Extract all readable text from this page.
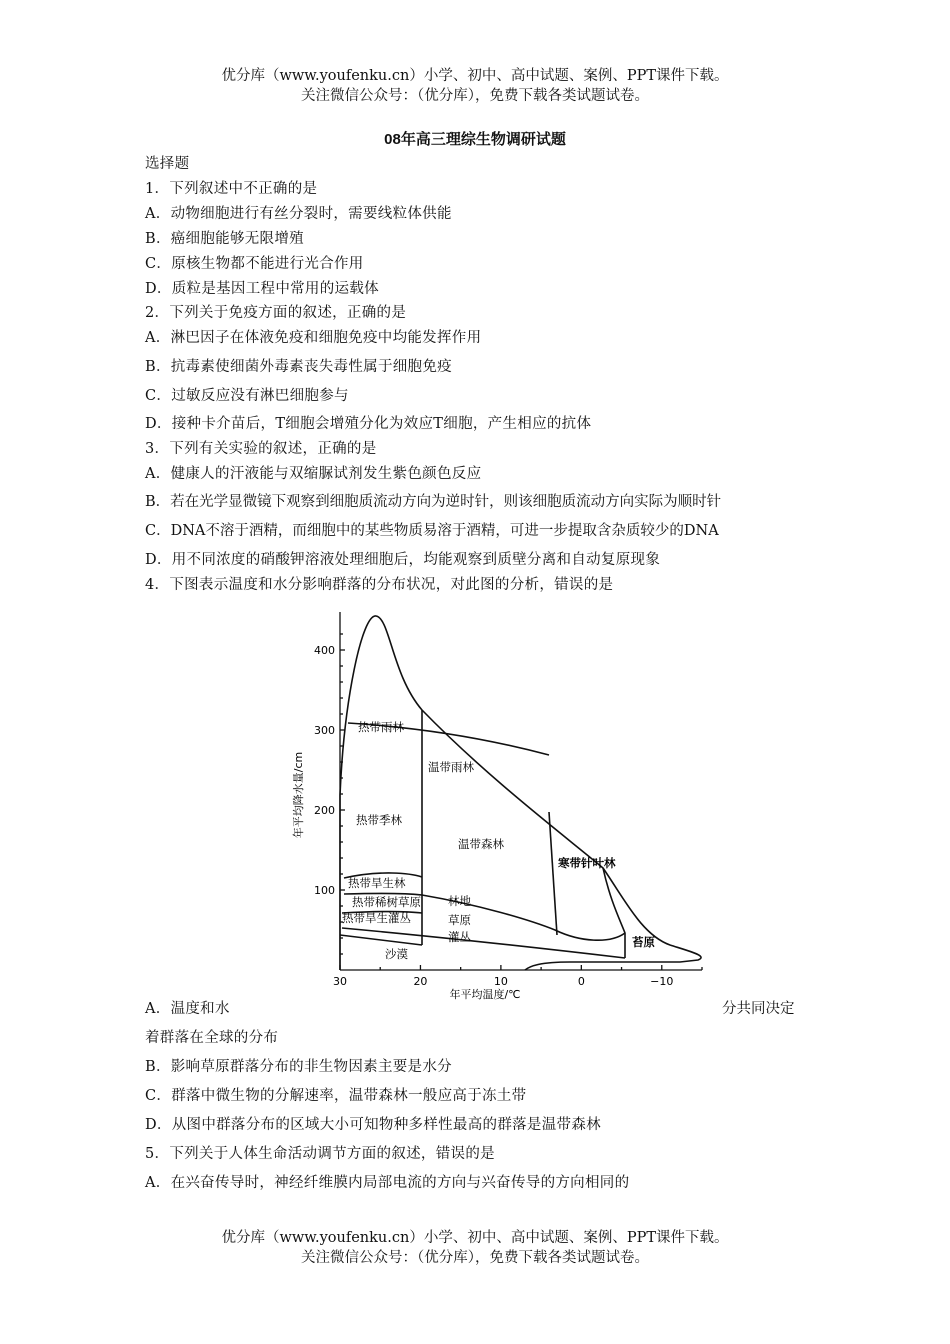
优分库（www.youfenku.cn）小学、初中、高中试题、案例、PPT课件下载。
关注微信公众号：（优分库），免费下载各类试题试卷。
08年高三理综生物调研试题
选择题
1．下列叙述中不正确的是
A．动物细胞进行有丝分裂时，需要线粒体供能
B．癌细胞能够无限增殖
C．原核生物都不能进行光合作用
D．质粒是基因工程中常用的运载体
2．下列关于免疫方面的叙述，正确的是
A．淋巴因子在体液免疫和细胞免疫中均能发挥作用
B．抗毒素使细菌外毒素丧失毒性属于细胞免疫
C．过敏反应没有淋巴细胞参与
D．接种卡介苗后，T细胞会增殖分化为效应T细胞，产生相应的抗体
3．下列有关实验的叙述，正确的是
A．健康人的汗液能与双缩脲试剂发生紫色颜色反应
B．若在光学显微镜下观察到细胞质流动方向为逆时针，则该细胞质流动方向实际为顺时针
C．DNA不溶于酒精，而细胞中的某些物质易溶于酒精，可进一步提取含杂质较少的DNA
D．用不同浓度的硝酸钾溶液处理细胞后，均能观察到质壁分离和自动复原现象
4．下图表示温度和水分影响群落的分布状况，对此图的分析，错误的是
100
200
300
400
30	20	10	0	−10
年平均温度/℃
年平均降水量/cm
热带雨林
温带雨林
热带季林
温带森林
寒带针叶林
热带旱生林
热带稀树草原
热带旱生灌丛
林地
草原
灌丛
沙漠
苔原
A．温度和水	分共同决定
着群落在全球的分布
B．影响草原群落分布的非生物因素主要是水分
C．群落中微生物的分解速率，温带森林一般应高于冻土带
D．从图中群落分布的区域大小可知物种多样性最高的群落是温带森林
5．下列关于人体生命活动调节方面的叙述，错误的是
A．在兴奋传导时，神经纤维膜内局部电流的方向与兴奋传导的方向相同的
优分库（www.youfenku.cn）小学、初中、高中试题、案例、PPT课件下载。
关注微信公众号：（优分库），免费下载各类试题试卷。
